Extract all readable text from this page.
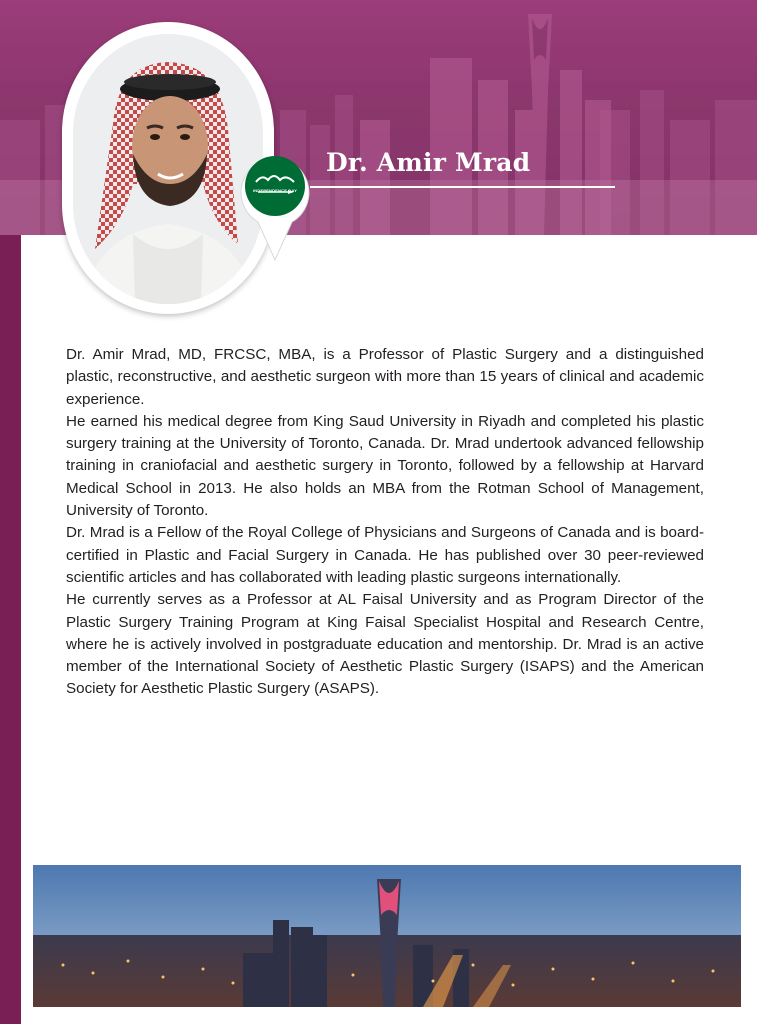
INDEPENDENCE DAY
Dr. Amir Mrad

Dr. Amir Mrad, MD, FRCSC, MBA, is a Professor of Plastic Surgery and a distinguished plastic, reconstructive, and aesthetic surgeon with more than 15 years of clinical and academic experience.

He earned his medical degree from King Saud University in Riyadh and completed his plastic surgery training at the University of Toronto, Canada. Dr. Mrad undertook advanced fellowship training in craniofacial and aesthetic surgery in Toronto, followed by a fellowship at Harvard Medical School in 2013. He also holds an MBA from the Rotman School of Management, University of Toronto.

Dr. Mrad is a Fellow of the Royal College of Physicians and Surgeons of Canada and is board-certified in Plastic and Facial Surgery in Canada. He has published over 30 peer-reviewed scientific articles and has collaborated with leading plastic surgeons internationally.

He currently serves as a Professor at AL Faisal University and as Program Director of the Plastic Surgery Training Program at King Faisal Specialist Hospital and Research Centre, where he is actively involved in postgraduate education and mentorship. Dr. Mrad is an active member of the International Society of Aesthetic Plastic Surgery (ISAPS) and the American Society for Aesthetic Plastic Surgery (ASAPS).
